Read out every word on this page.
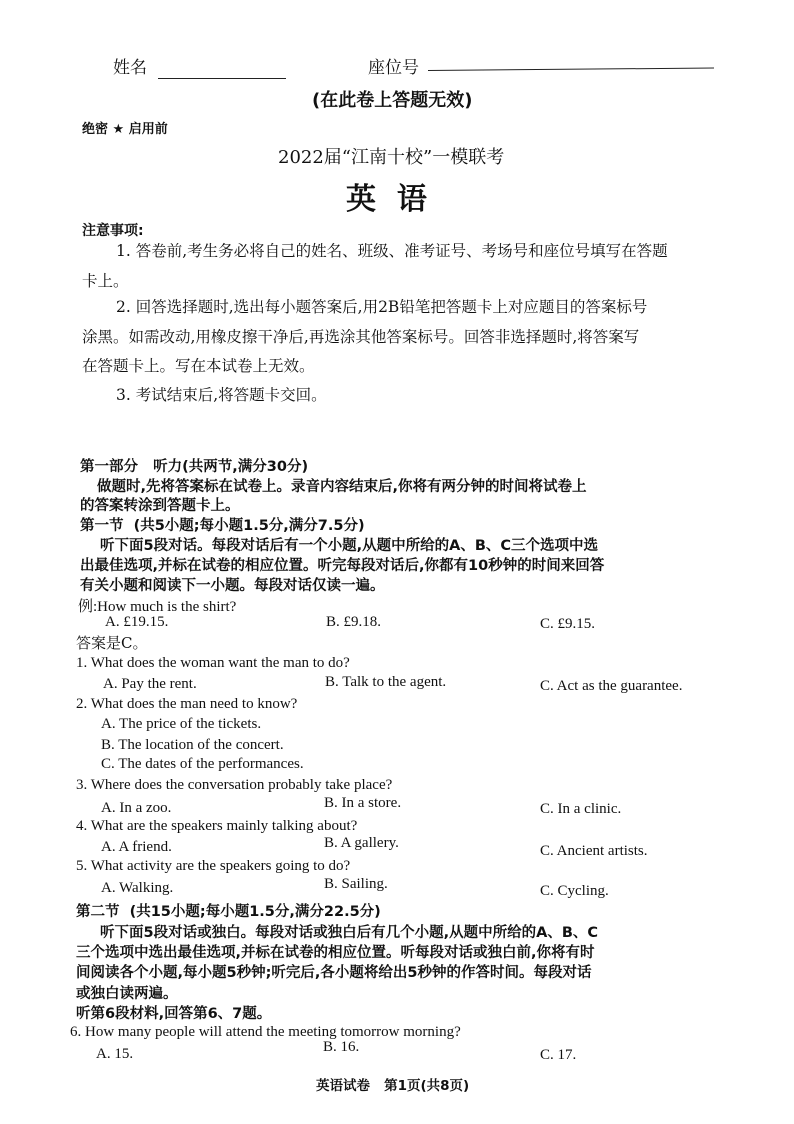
姓名	座位号
(在此卷上答题无效)
绝密 ★ 启用前
2022届“江南十校”一模联考
英  语
注意事项:
1. 答卷前,考生务必将自己的姓名、班级、准考证号、考场号和座位号填写在答题
卡上。
2. 回答选择题时,选出每小题答案后,用2B铅笔把答题卡上对应题目的答案标号
涂黑。如需改动,用橡皮擦干净后,再选涂其他答案标号。回答非选择题时,将答案写
在答题卡上。写在本试卷上无效。
3. 考试结束后,将答题卡交回。
第一部分   听力(共两节,满分30分)
做题时,先将答案标在试卷上。录音内容结束后,你将有两分钟的时间将试卷上
的答案转涂到答题卡上。
第一节  (共5小题;每小题1.5分,满分7.5分)
听下面5段对话。每段对话后有一个小题,从题中所给的A、B、C三个选项中选
出最佳选项,并标在试卷的相应位置。听完每段对话后,你都有10秒钟的时间来回答
有关小题和阅读下一小题。每段对话仅读一遍。
例:How much is the shirt?
A. £19.15.	B. £9.18.	C. £9.15.
答案是C。
1. What does the woman want the man to do?
A. Pay the rent.	B. Talk to the agent.	C. Act as the guarantee.
2. What does the man need to know?
A. The price of the tickets.
B. The location of the concert.
C. The dates of the performances.
3. Where does the conversation probably take place?
A. In a zoo.	B. In a store.	C. In a clinic.
4. What are the speakers mainly talking about?
A. A friend.	B. A gallery.	C. Ancient artists.
5. What activity are the speakers going to do?
A. Walking.	B. Sailing.	C. Cycling.
第二节  (共15小题;每小题1.5分,满分22.5分)
听下面5段对话或独白。每段对话或独白后有几个小题,从题中所给的A、B、C
三个选项中选出最佳选项,并标在试卷的相应位置。听每段对话或独白前,你将有时
间阅读各个小题,每小题5秒钟;听完后,各小题将给出5秒钟的作答时间。每段对话
或独白读两遍。
听第6段材料,回答第6、7题。
6. How many people will attend the meeting tomorrow morning?
A. 15.	B. 16.	C. 17.
英语试卷   第1页(共8页)
